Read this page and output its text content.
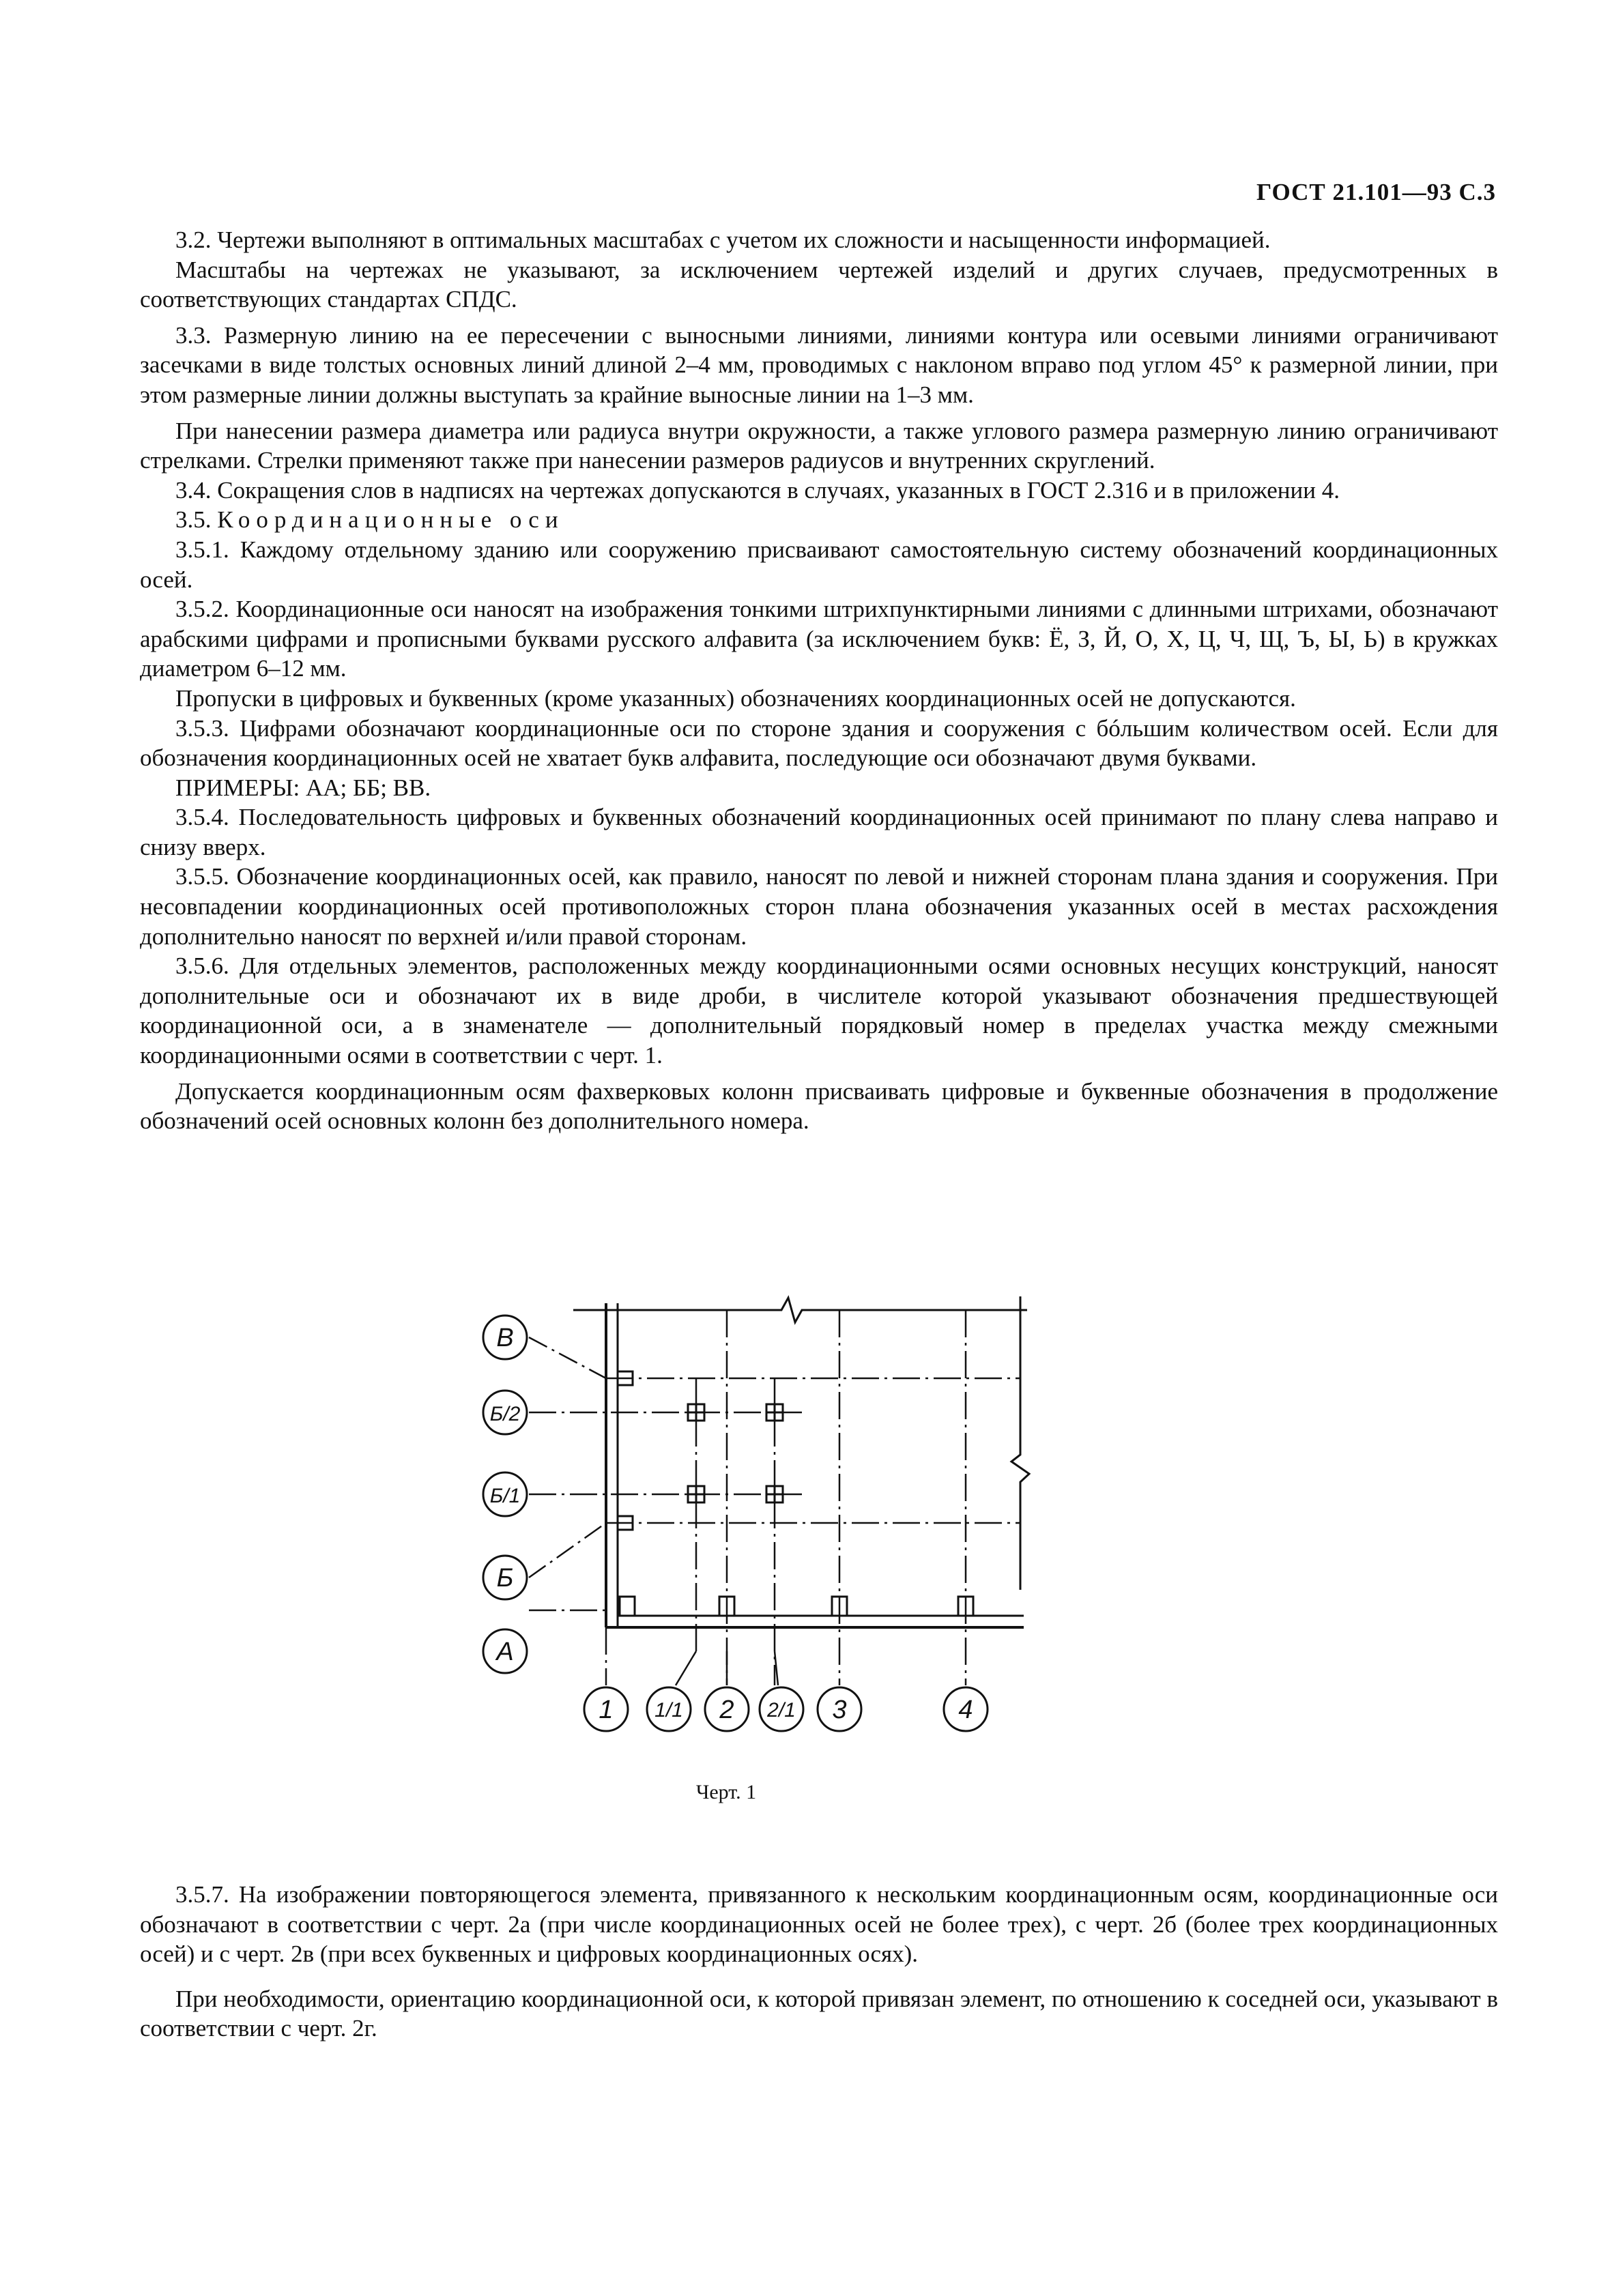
ГОСТ 21.101—93 С.3

3.2. Чертежи выполняют в оптимальных масштабах с учетом их сложности и насыщенности информацией.

Масштабы на чертежах не указывают, за исключением чертежей изделий и других случаев, предусмотренных в соответствующих стандартах СПДС.

3.3. Размерную линию на ее пересечении с выносными линиями, линиями контура или осевыми линиями ограничивают засечками в виде толстых основных линий длиной 2–4 мм, проводимых с наклоном вправо под углом 45° к размерной линии, при этом размерные линии должны выступать за крайние выносные линии на 1–3 мм.

При нанесении размера диаметра или радиуса внутри окружности, а также углового размера размерную линию ограничивают стрелками. Стрелки применяют также при нанесении размеров радиусов и внутренних скруглений.

3.4. Сокращения слов в надписях на чертежах допускаются в случаях, указанных в ГОСТ 2.316 и в приложении 4.

3.5. Координационные оси

3.5.1. Каждому отдельному зданию или сооружению присваивают самостоятельную систему обозначений координационных осей.

3.5.2. Координационные оси наносят на изображения тонкими штрихпунктирными линиями с длинными штрихами, обозначают арабскими цифрами и прописными буквами русского алфавита (за исключением букв: Ё, З, Й, О, Х, Ц, Ч, Щ, Ъ, Ы, Ь) в кружках диаметром 6–12 мм.

Пропуски в цифровых и буквенных (кроме указанных) обозначениях координационных осей не допускаются.

3.5.3. Цифрами обозначают координационные оси по стороне здания и сооружения с бóльшим количеством осей. Если для обозначения координационных осей не хватает букв алфавита, последующие оси обозначают двумя буквами.

ПРИМЕРЫ: АА; ББ; ВВ.

3.5.4. Последовательность цифровых и буквенных обозначений координационных осей принимают по плану слева направо и снизу вверх.

3.5.5. Обозначение координационных осей, как правило, наносят по левой и нижней сторонам плана здания и сооружения. При несовпадении координационных осей противоположных сторон плана обозначения указанных осей в местах расхождения дополнительно наносят по верхней и/или правой сторонам.

3.5.6. Для отдельных элементов, расположенных между координационными осями основных несущих конструкций, наносят дополнительные оси и обозначают их в виде дроби, в числителе которой указывают обозначения предшествующей координационной оси, а в знаменателе — дополнительный порядковый номер в пределах участка между смежными координационными осями в соответствии с черт. 1.

Допускается координационным осям фахверковых колонн присваивать цифровые и буквенные обозначения в продолжение обозначений осей основных колонн без дополнительного номера.

В
Б/2
Б/1
Б
А
1 1/1 2 2/1 3	4
Черт. 1

3.5.7. На изображении повторяющегося элемента, привязанного к нескольким координационным осям, координационные оси обозначают в соответствии с черт. 2а (при числе координационных осей не более трех), с черт. 2б (более трех координационных осей) и с черт. 2в (при всех буквенных и цифровых координационных осях).

При необходимости, ориентацию координационной оси, к которой привязан элемент, по отношению к соседней оси, указывают в соответствии с черт. 2г.
